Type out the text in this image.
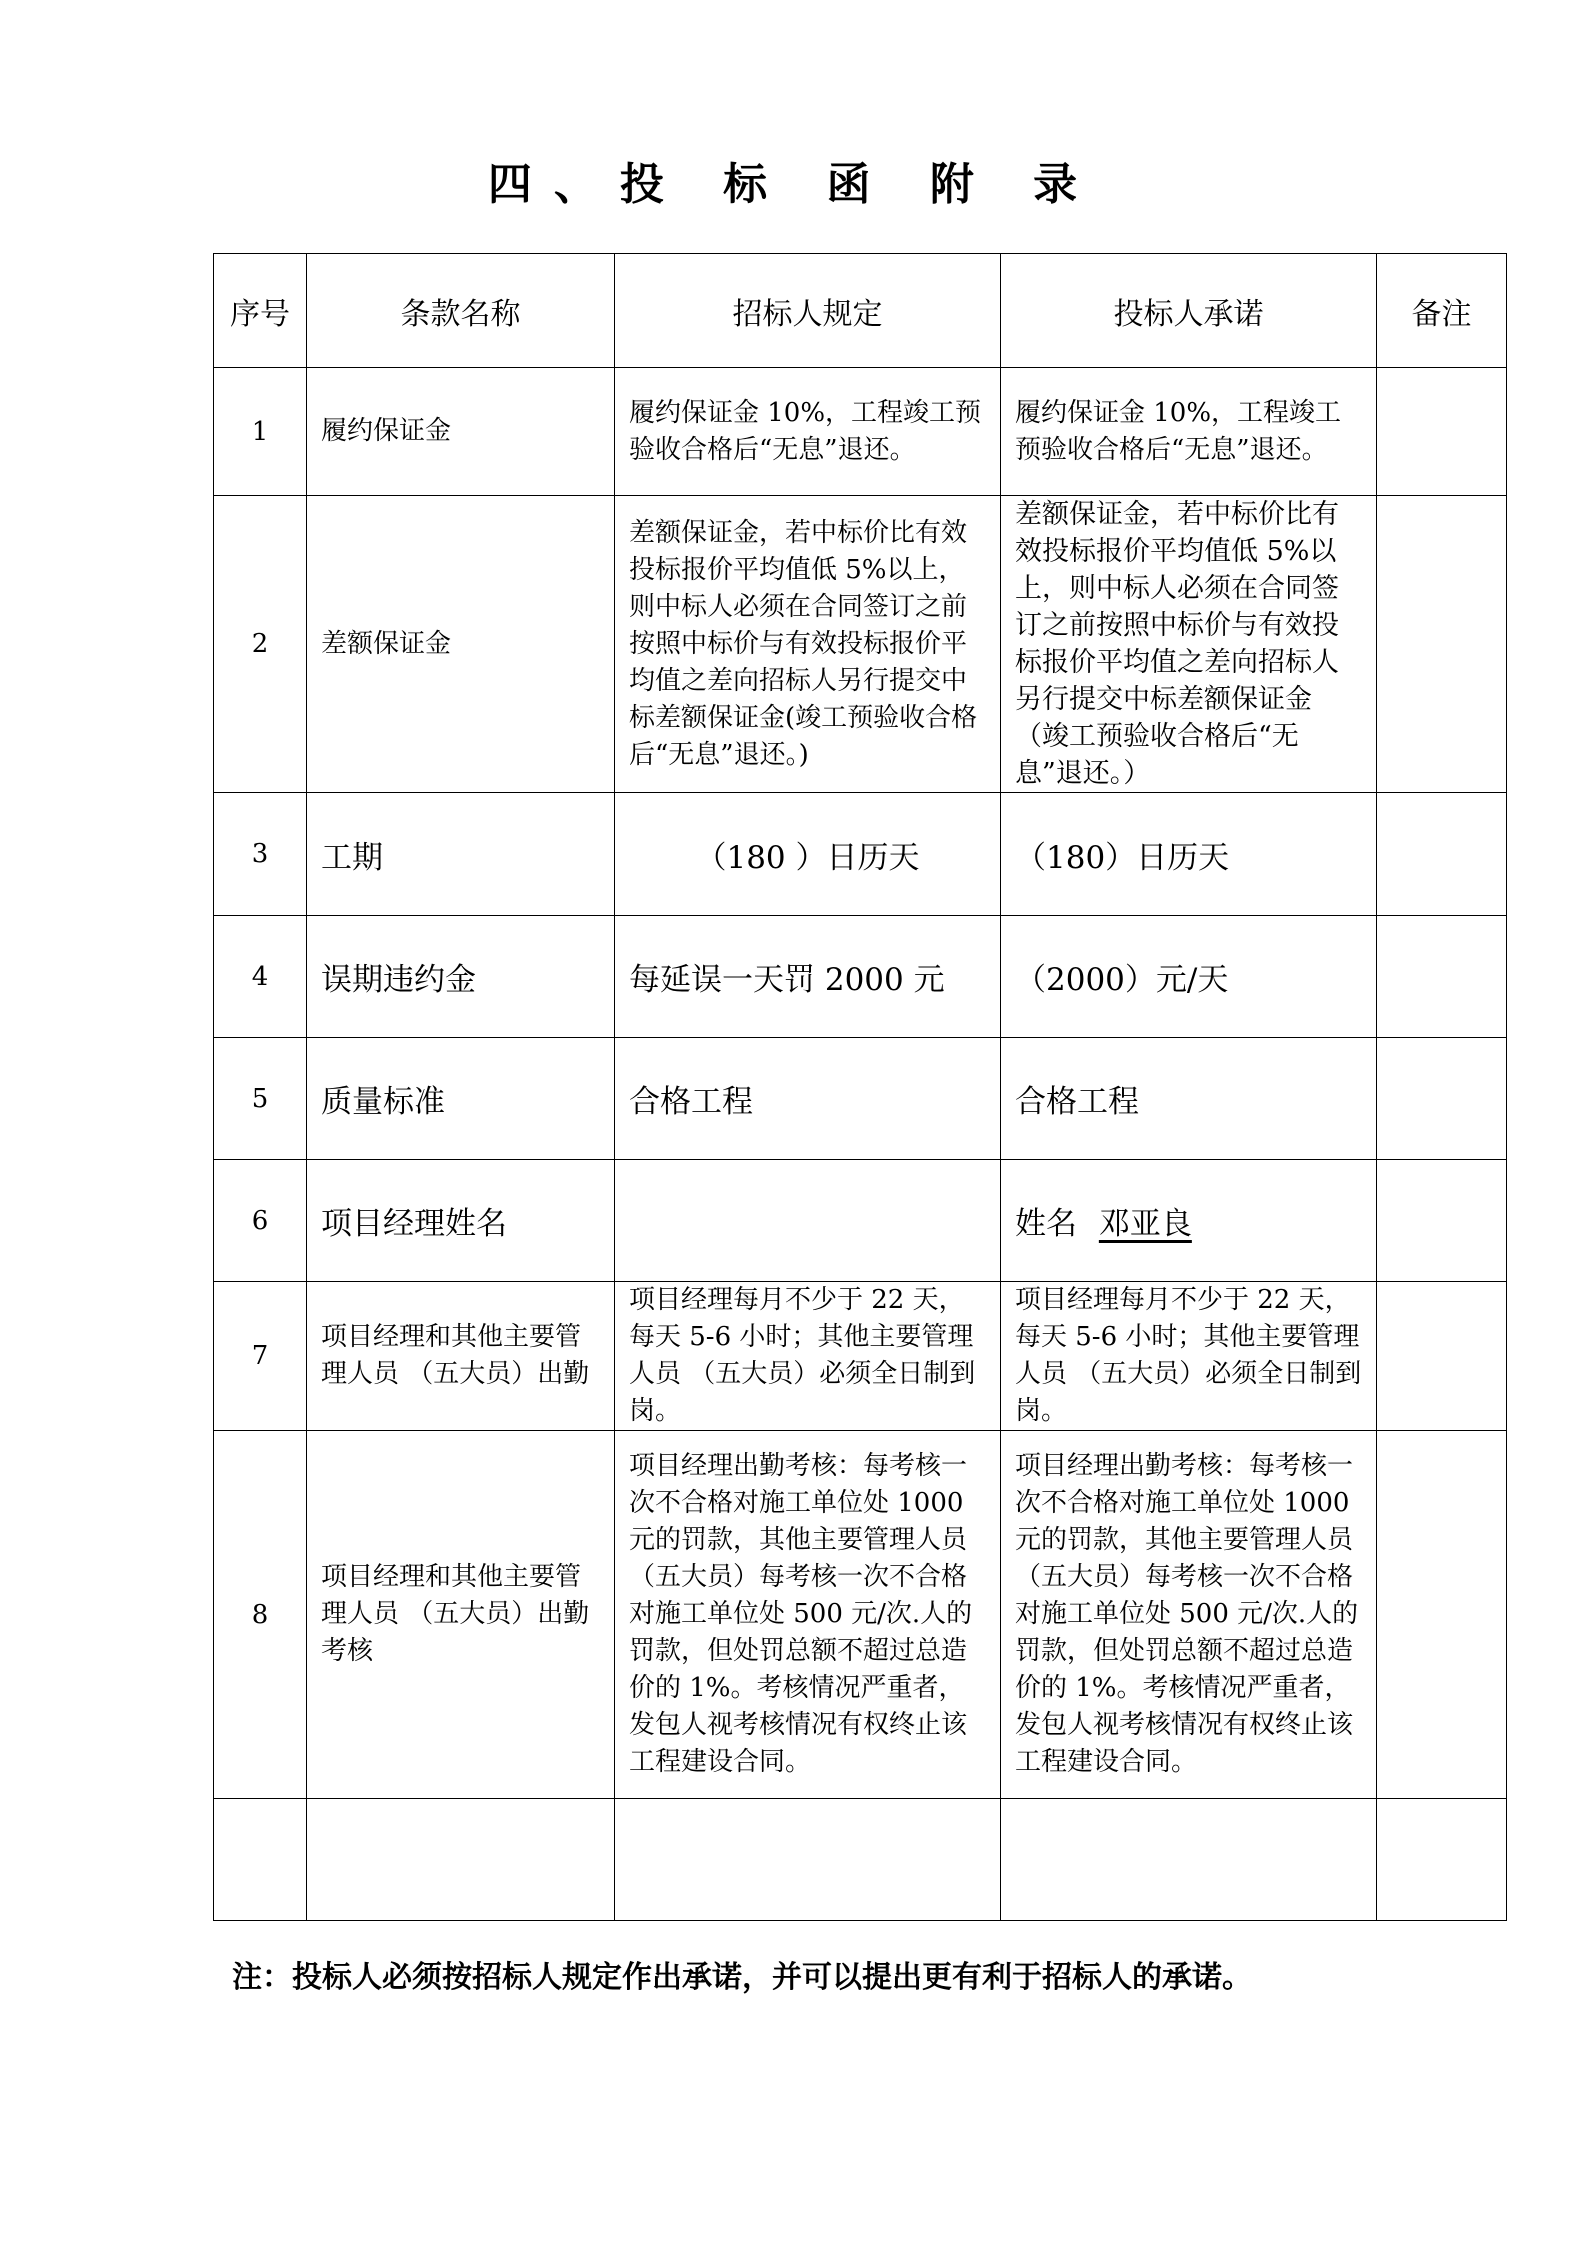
四、投 标 函 附 录
序号	条款名称	招标人规定	投标人承诺	备注
1	履约保证金	履约保证金 10%，工程竣工预验收合格后“无息”退还。	履约保证金 10%，工程竣工预验收合格后“无息”退还。	
2	差额保证金	差额保证金，若中标价比有效投标报价平均值低 5%以上，则中标人必须在合同签订之前按照中标价与有效投标报价平均值之差向招标人另行提交中标差额保证金(竣工预验收合格后“无息”退还。)	差额保证金，若中标价比有效投标报价平均值低 5%以上，则中标人必须在合同签订之前按照中标价与有效投标报价平均值之差向招标人另行提交中标差额保证金（竣工预验收合格后“无息”退还。）	
3	工期	（180 ）日历天	（180）日历天	
4	误期违约金	每延误一天罚 2000 元	（2000）元/天	
5	质量标准	合格工程	合格工程	
6	项目经理姓名		姓名 邓亚良	
7	项目经理和其他主要管理人员 （五大员）出勤	项目经理每月不少于 22 天，每天 5-6 小时；其他主要管理人员 （五大员）必须全日制到岗。	项目经理每月不少于 22 天，每天 5-6 小时；其他主要管理人员 （五大员）必须全日制到岗。	
8	项目经理和其他主要管理人员 （五大员）出勤考核	项目经理出勤考核：每考核一次不合格对施工单位处 1000 元的罚款，其他主要管理人员（五大员）每考核一次不合格对施工单位处 500 元/次.人的罚款，但处罚总额不超过总造价的 1%。考核情况严重者，发包人视考核情况有权终止该工程建设合同。	项目经理出勤考核：每考核一次不合格对施工单位处 1000 元的罚款，其他主要管理人员（五大员）每考核一次不合格对施工单位处 500 元/次.人的罚款，但处罚总额不超过总造价的 1%。考核情况严重者，发包人视考核情况有权终止该工程建设合同。	

注：投标人必须按招标人规定作出承诺，并可以提出更有利于招标人的承诺。
